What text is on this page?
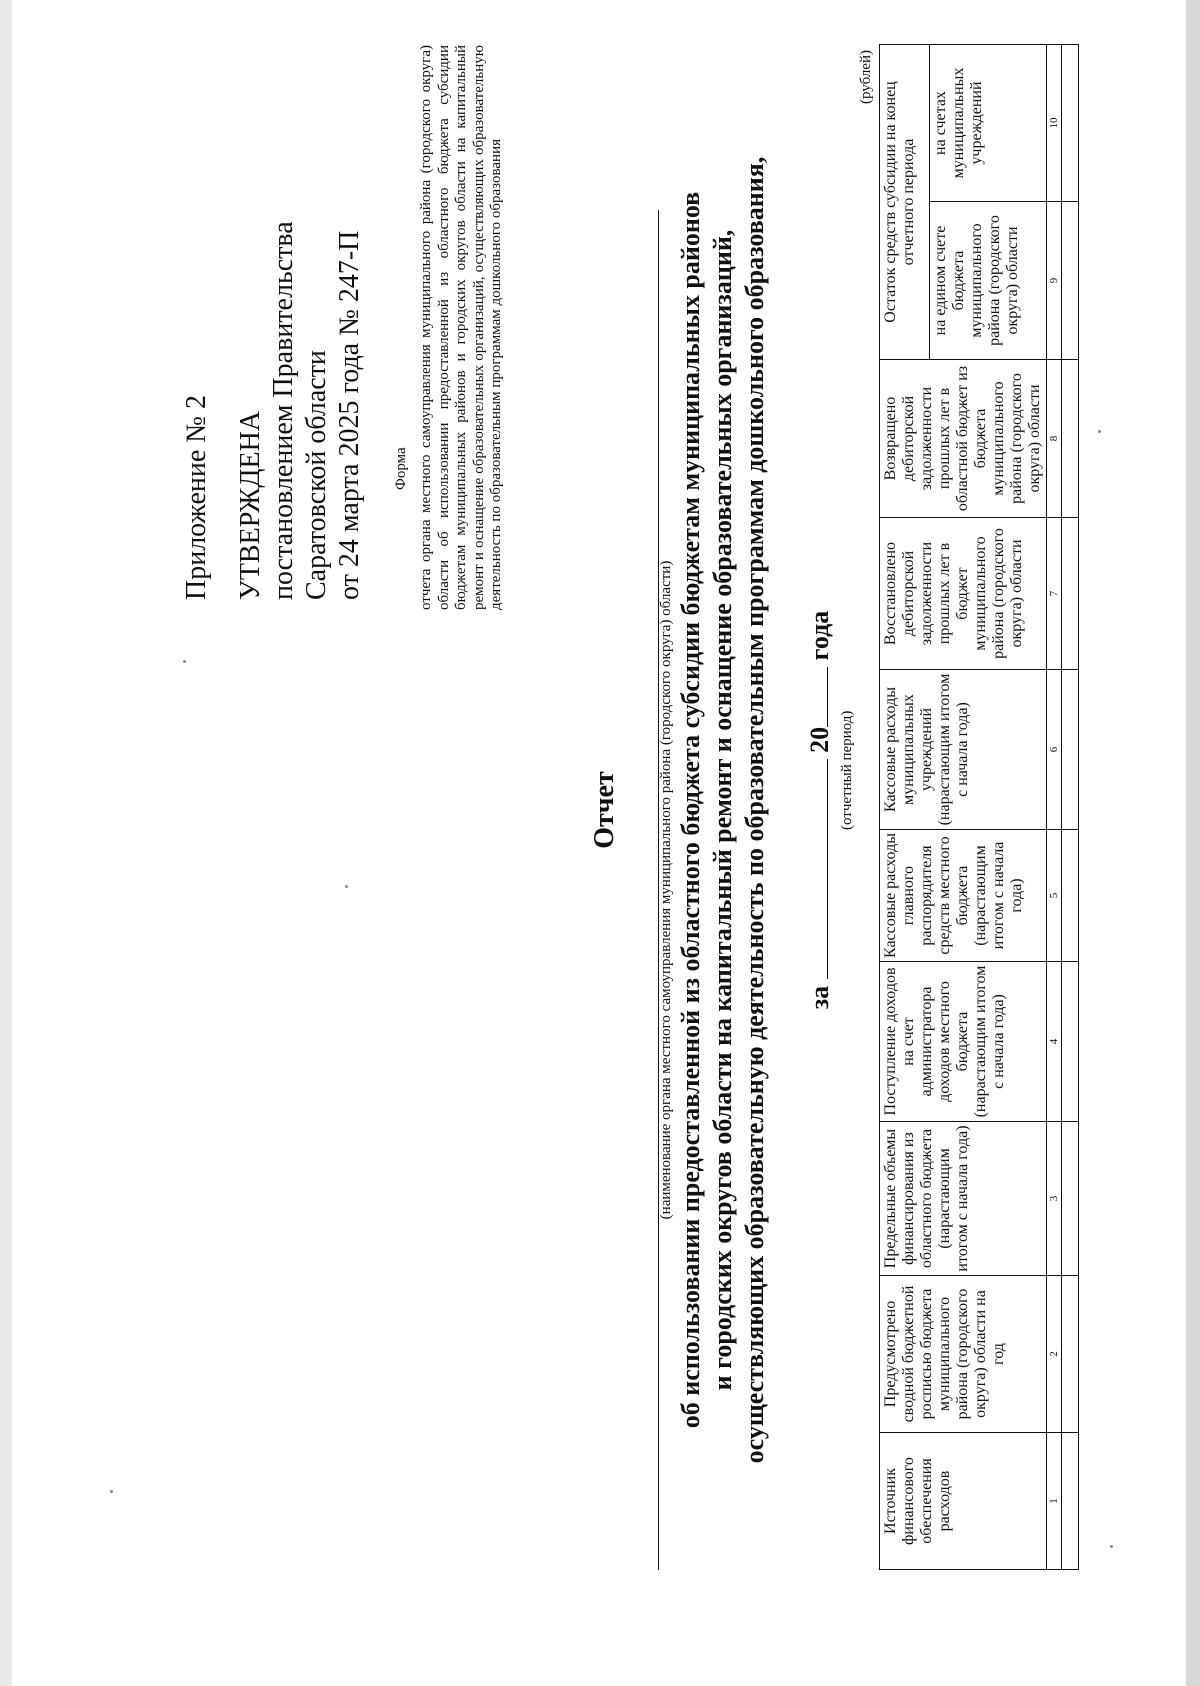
Приложение № 2 УТВЕРЖДЕНА постановлением Правительства Саратовской области от 24 марта 2025 года № 247-П Форма отчета органа местного самоуправления муниципального района (городского округа) области об использовании предоставленной из областного бюджета субсидии бюджетам муниципальных районов и городских округов области на капитальный ремонт и оснащение образовательных организаций, осуществляющих образовательную деятельность по образовательным программам дошкольного образования
Отчет	(наименование органа местного самоуправления муниципального района (городского округа) области) об использовании предоставленной из областного бюджета субсидии бюджетам муниципальных районов и городских округов области на капитальный ремонт и оснащение образовательных организаций, осуществляющих образовательную деятельность по образовательным программам дошкольного образования, за  20 года
(отчетный период)
(рублей)
Источник финансового обеспечения расходов	Предусмотрено сводной бюджетной росписью бюджета муниципального района (городского округа) области на год	Предельные объемы финансирования из областного бюджета (нарастающим итогом с начала года)	Поступление доходов на счет администратора доходов местного бюджета (нарастающим итогом с начала года)	Кассовые расходы главного распорядителя средств местного бюджета (нарастающим итогом с начала года)	Кассовые расходы муниципальных учреждений (нарастающим итогом с начала года)	Восстановлено дебиторской задолженности прошлых лет в бюджет муниципального района (городского округа) области	Возвращено дебиторской задолженности прошлых лет в областной бюджет из бюджета муниципального района (городского округа) области	Остаток средств субсидии на конец отчетного периода	
								на едином счете бюджета муниципального района (городского округа) области	на счетах муниципальных учреждений
1	2	3	4	5	6	7	8	9	10
